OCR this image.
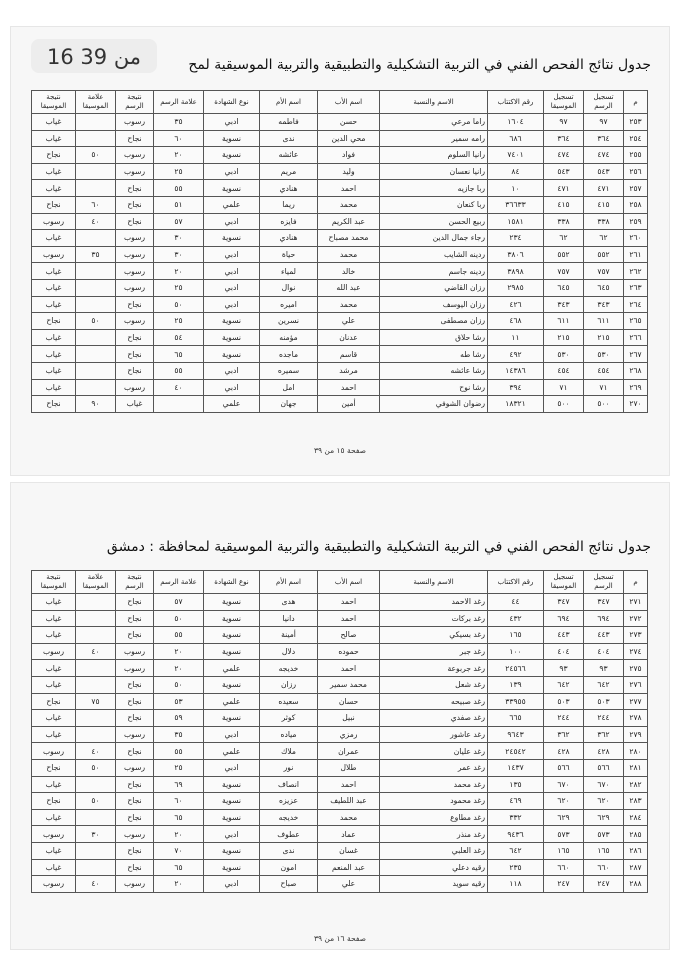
جدول نتائج الفحص الفني في التربية التشكيلية والتطبيقية والتربية الموسيقية لمح
16 من 39
م	تسجيل الرسم	تسجيل الموسيقا	رقم الاكتتاب	الاسم والنسبة	اسم الأب	اسم الأم	نوع الشهادة	علامة الرسم	نتيجة الرسم	علامة الموسيقا	نتيجة الموسيقا
٢٥٣	٩٧	٩٧	١٦٠٤	راما مرعي	حسن	فاطمه	ادبي	٣٥	رسوب		غياب
٢٥٤	٣٦٤	٣٦٤	٦٨٦	رامه سمير	محي الدين	ندى	نسوية	٦٠	نجاح		غياب
٢٥٥	٤٧٤	٤٧٤	٧٤٠١	رانيا السلوم	فواد	عائشه	نسوية	٢٠	رسوب	٥٠	نجاح
٢٥٦	٥٤٣	٥٤٣	٨٤	رانيا نعسان	وليد	مريم	ادبي	٢٥	رسوب		غياب
٢٥٧	٤٧١	٤٧١	١٠	ربا جازيه	احمد	هنادي	نسوية	٥٥	نجاح		غياب
٢٥٨	٤١٥	٤١٥	٣٦٦٣٣	ربا كنعان	محمد	ريما	علمي	٥١	نجاح	٦٠	نجاح
٢٥٩	٣٣٨	٣٣٨	١٥٨١	ربيع الحسن	عبد الكريم	فايزه	ادبي	٥٧	نجاح	٤٠	رسوب
٢٦٠	٦٢	٦٢	٢٣٤	رجاء جمال الدين	محمد مصباح	هنادي	نسوية	٣٠	رسوب		غياب
٢٦١	٥٥٢	٥٥٢	٣٨٠٦	ردينه الشايب	محمد	حياة	ادبي	٣٠	رسوب	٣٥	رسوب
٢٦٢	٧٥٧	٧٥٧	٣٨٩٨	ردينه جاسم	خالد	لمياء	ادبي	٢٠	رسوب		غياب
٢٦٣	٦٤٥	٦٤٥	٢٩٨٥	رزان القاضي	عبد الله	نوال	ادبي	٢٥	رسوب		غياب
٢٦٤	٣٤٣	٣٤٣	٤٢٦	رزان اليوسف	محمد	اميره	ادبي	٥٠	نجاح		غياب
٢٦٥	٦١١	٦١١	٤٦٨	رزان مصطفى	علي	نسرين	نسوية	٢٥	رسوب	٥٠	نجاح
٢٦٦	٢١٥	٢١٥	١١	رشا حلاق	عدنان	مؤمنه	نسوية	٥٤	نجاح		غياب
٢٦٧	٥٣٠	٥٣٠	٤٩٢	رشا طه	قاسم	ماجده	نسوية	٦٥	نجاح		غياب
٢٦٨	٤٥٤	٤٥٤	١٤٣٨٦	رشا عائشه	مرشد	سميره	ادبي	٥٥	نجاح		غياب
٢٦٩	٧١	٧١	٣٩٤	رشا نوح	احمد	امل	ادبي	٤٠	رسوب		غياب
٢٧٠	٥٠٠	٥٠٠	١٨٣٢١	رضوان الشوفي	أمين	جهان	علمي		غياب	٩٠	نجاح
صفحة ١٥ من ٣٩
جدول نتائج الفحص الفني في التربية التشكيلية والتطبيقية والتربية الموسيقية لمحافظة : دمشق
م	تسجيل الرسم	تسجيل الموسيقا	رقم الاكتتاب	الاسم والنسبة	اسم الأب	اسم الأم	نوع الشهادة	علامة الرسم	نتيجة الرسم	علامة الموسيقا	نتيجة الموسيقا
٢٧١	٣٤٧	٣٤٧	٤٤	رغد الاحمد	احمد	هدى	نسوية	٥٧	نجاح		غياب
٢٧٢	٦٩٤	٦٩٤	٤٣٢	رغد بركات	احمد	دانيا	نسوية	٥٠	نجاح		غياب
٢٧٣	٤٤٣	٤٤٣	١٦٥	رغد بسيكي	صالح	أمينة	نسوية	٥٥	نجاح		غياب
٢٧٤	٤٠٤	٤٠٤	١٠٠	رغد جبر	حموده	دلال	نسوية	٢٠	رسوب	٤٠	رسوب
٢٧٥	٩٣	٩٣	٢٤٥٦٦	رغد جربوعة	احمد	خديجه	علمي	٢٠	رسوب		غياب
٢٧٦	٦٤٢	٦٤٢	١٣٩	رغد شعل	محمد سمير	رزان	نسوية	٥٠	نجاح		غياب
٢٧٧	٥٠٣	٥٠٣	٣٣٩٥٥	رغد صبيحه	حسان	سعيده	علمي	٥٣	نجاح	٧٥	نجاح
٢٧٨	٢٤٤	٢٤٤	٦٦٥	رغد صفدي	نبيل	كوثر	نسوية	٥٩	نجاح		غياب
٢٧٩	٣٦٢	٣٦٢	٩٦٤٣	رغد عاشور	رمزي	مياده	ادبي	٣٥	رسوب		غياب
٢٨٠	٤٢٨	٤٢٨	٢٤٥٤٢	رغد عليان	عمران	ملاك	علمي	٥٥	نجاح	٤٠	رسوب
٢٨١	٥٦٦	٥٦٦	١٤٣٧	رغد عمر	طلال	نور	ادبي	٢٥	رسوب	٥٠	نجاح
٢٨٢	٦٧٠	٦٧٠	١٣٥	رغد محمد	احمد	انصاف	نسوية	٦٩	نجاح		غياب
٢٨٣	٦٢٠	٦٢٠	٤٦٩	رغد محمود	عبد اللطيف	عزيزه	نسوية	٦٠	نجاح	٥٠	نجاح
٢٨٤	٦٢٩	٦٢٩	٣٣٢	رغد مطاوع	محمد	خديجه	نسوية	٦٥	نجاح		غياب
٢٨٥	٥٧٣	٥٧٣	٩٤٣٦	رغد منذر	عماد	عطوف	ادبي	٢٠	رسوب	٣٠	رسوب
٢٨٦	١٦٥	١٦٥	٦٤٢	رغد العلبي	غسان	ندى	نسوية	٧٠	نجاح		غياب
٢٨٧	٦٦٠	٦٦٠	٢٣٥	رقيه دعلي	عبد المنعم	امون	نسوية	٦٥	نجاح		غياب
٢٨٨	٢٤٧	٢٤٧	١١٨	رقيه سويد	علي	صباح	ادبي	٢٠	رسوب	٤٠	رسوب
صفحة ١٦ من ٣٩
